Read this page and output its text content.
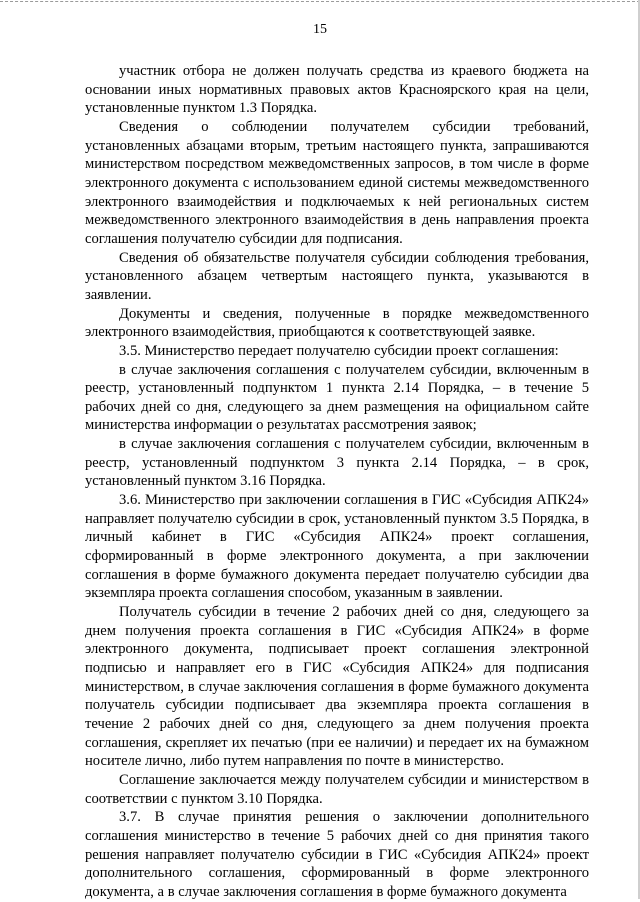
15

участник отбора не должен получать средства из краевого бюджета на основании иных нормативных правовых актов Красноярского края на цели, установленные пунктом 1.3 Порядка.

Сведения о соблюдении получателем субсидии требований, установленных абзацами вторым, третьим настоящего пункта, запрашиваются министерством посредством межведомственных запросов, в том числе в форме электронного документа с использованием единой системы межведомственного электронного взаимодействия и подключаемых к ней региональных систем межведомственного электронного взаимодействия в день направления проекта соглашения получателю субсидии для подписания.

Сведения об обязательстве получателя субсидии соблюдения требования, установленного абзацем четвертым настоящего пункта, указываются в заявлении.

Документы и сведения, полученные в порядке межведомственного электронного взаимодействия, приобщаются к соответствующей заявке.

3.5. Министерство передает получателю субсидии проект соглашения:

в случае заключения соглашения с получателем субсидии, включенным в реестр, установленный подпунктом 1 пункта 2.14 Порядка, – в течение 5 рабочих дней со дня, следующего за днем размещения на официальном сайте министерства информации о результатах рассмотрения заявок;

в случае заключения соглашения с получателем субсидии, включенным в реестр, установленный подпунктом 3 пункта 2.14 Порядка, – в срок, установленный пунктом 3.16 Порядка.

3.6. Министерство при заключении соглашения в ГИС «Субсидия АПК24» направляет получателю субсидии в срок, установленный пунктом 3.5 Порядка, в личный кабинет в ГИС «Субсидия АПК24» проект соглашения, сформированный в форме электронного документа, а при заключении соглашения в форме бумажного документа передает получателю субсидии два экземпляра проекта соглашения способом, указанным в заявлении.

Получатель субсидии в течение 2 рабочих дней со дня, следующего за днем получения проекта соглашения в ГИС «Субсидия АПК24» в форме электронного документа, подписывает проект соглашения электронной подписью и направляет его в ГИС «Субсидия АПК24» для подписания министерством, в случае заключения соглашения в форме бумажного документа получатель субсидии подписывает два экземпляра проекта соглашения в течение 2 рабочих дней со дня, следующего за днем получения проекта соглашения, скрепляет их печатью (при ее наличии) и передает их на бумажном носителе лично, либо путем направления по почте в министерство.

Соглашение заключается между получателем субсидии и министерством в соответствии с пунктом 3.10 Порядка.

3.7. В случае принятия решения о заключении дополнительного соглашения министерство в течение 5 рабочих дней со дня принятия такого решения направляет получателю субсидии в ГИС «Субсидия АПК24» проект дополнительного соглашения, сформированный в форме электронного документа, а в случае заключения соглашения в форме бумажного документа
